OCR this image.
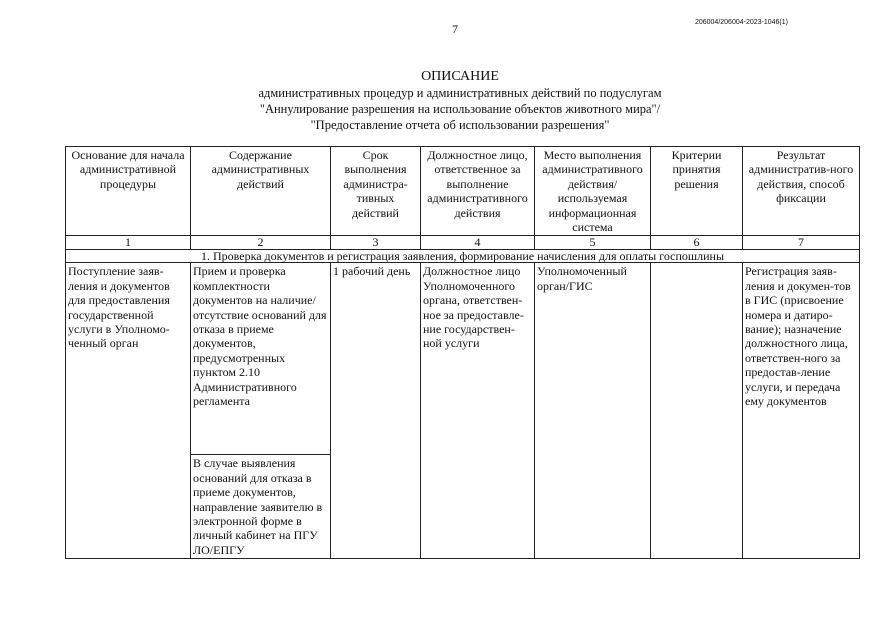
7	206004/206004-2023-1046(1)
ОПИСАНИЕ
административных процедур и административных действий по подуслугам
"Аннулирование разрешения на использование объектов животного мира"/
"Предоставление отчета об использовании разрешения"
Основание для начала административной процедуры	Содержание административных действий	Срок выполнения администра-тивных действий	Должностное лицо, ответственное за выполнение административного действия	Место выполнения административного действия/ используемая информационная система	Критерии принятия решения	Результат административ-ного действия, способ фиксации
1	2	3	4	5	6	7
1. Проверка документов и регистрация заявления, формирование начисления для оплаты госпошлины						
Поступление заяв-ления и документов для предоставления государственной услуги в Уполномо-ченный орган	Прием и проверка комплектности документов на наличие/отсутствие оснований для отказа в приеме документов, предусмотренных пунктом 2.10 Административного регламента	1 рабочий день	Должностное лицо Уполномоченного органа, ответствен-ное за предоставле-ние государствен-ной услуги	Уполномоченный орган/ГИС		Регистрация заяв-ления и докумен-тов в ГИС (присвоение номера и датиро-вание); назначение должностного лица, ответствен-ного за предостав-ление услуги, и передача ему документов
	В случае выявления оснований для отказа в приеме документов, направление заявителю в электронной форме в личный кабинет на ПГУ ЛО/ЕПГУ					
